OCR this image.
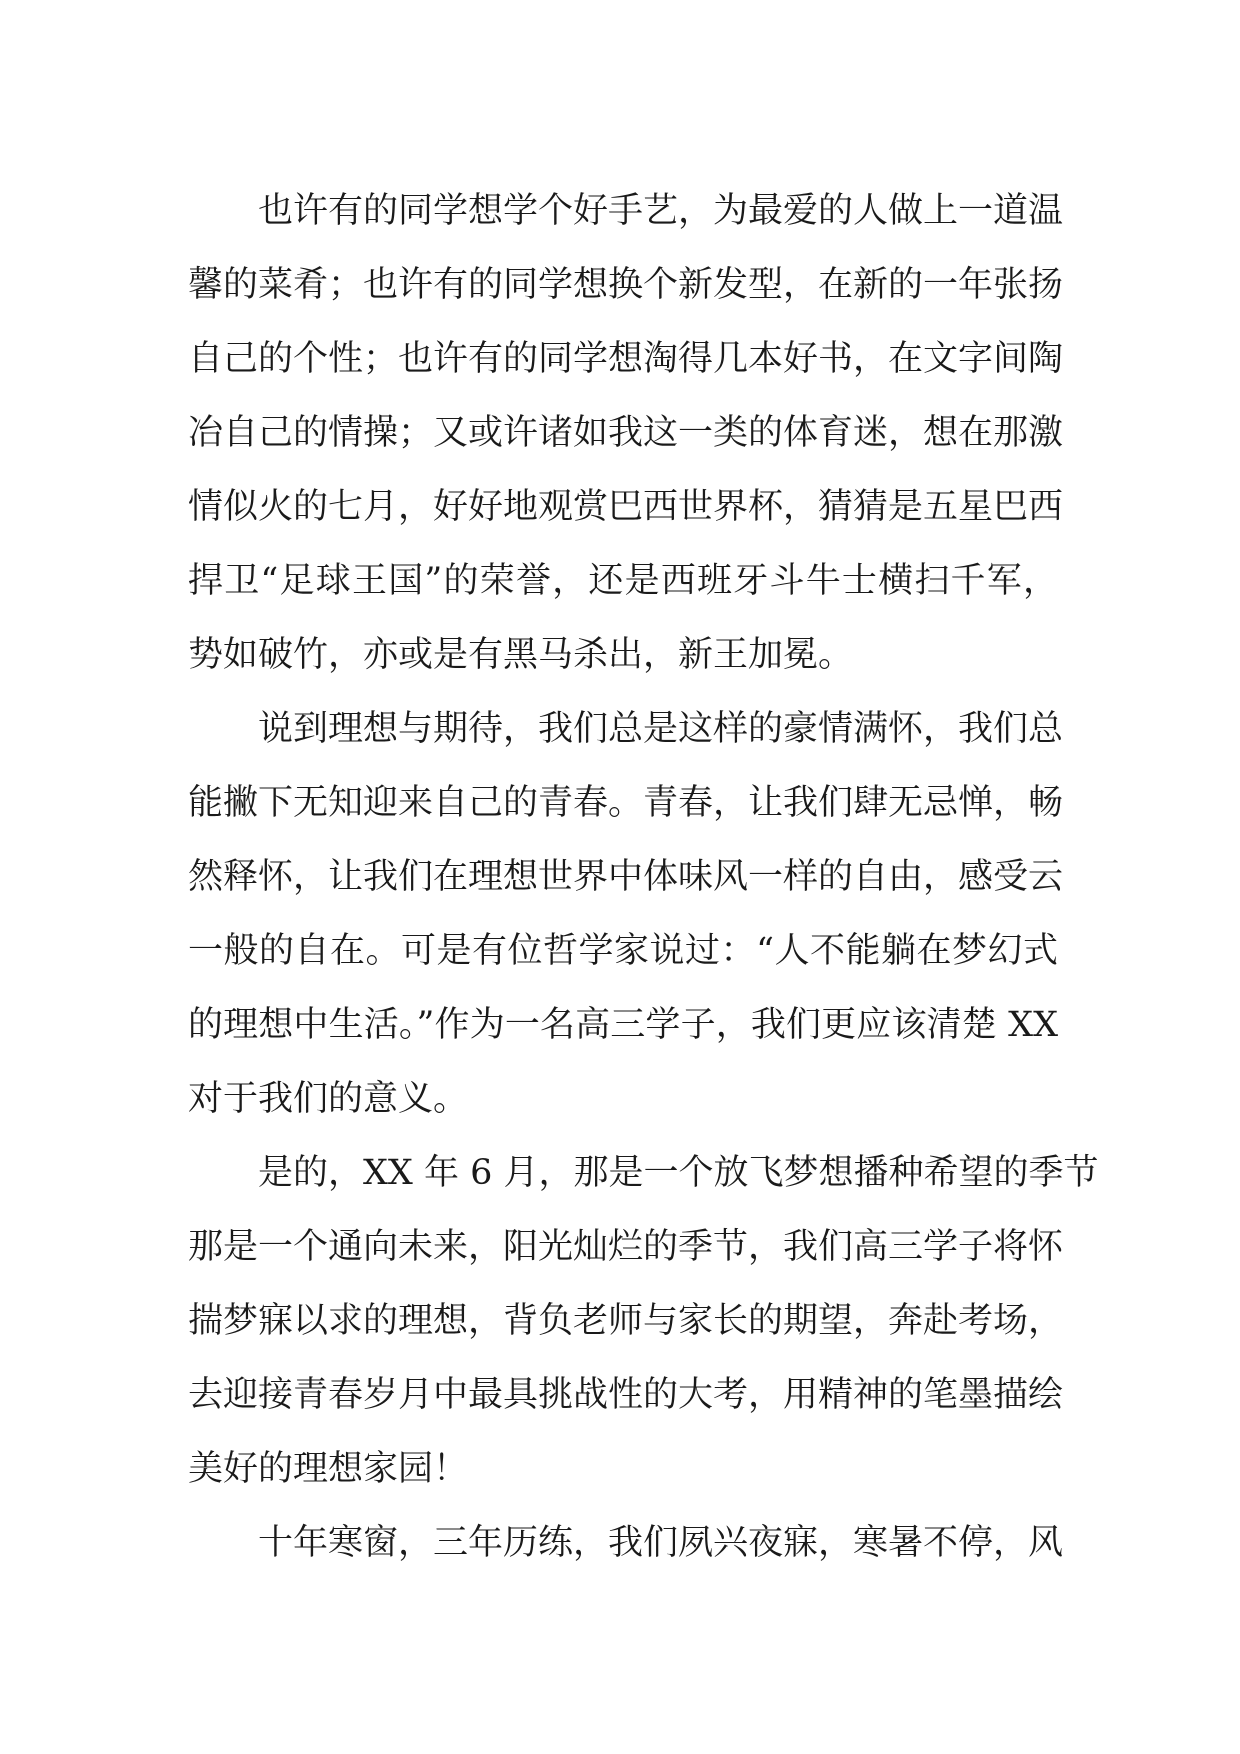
也许有的同学想学个好手艺，为最爱的人做上一道温
馨的菜肴；也许有的同学想换个新发型，在新的一年张扬
自己的个性；也许有的同学想淘得几本好书，在文字间陶
冶自己的情操；又或许诸如我这一类的体育迷，想在那激
情似火的七月，好好地观赏巴西世界杯，猜猜是五星巴西
捍卫“足球王国”的荣誉，还是西班牙斗牛士横扫千军，
势如破竹，亦或是有黑马杀出，新王加冕。
说到理想与期待，我们总是这样的豪情满怀，我们总
能撇下无知迎来自己的青春。青春，让我们肆无忌惮，畅
然释怀，让我们在理想世界中体味风一样的自由，感受云
一般的自在。可是有位哲学家说过：“人不能躺在梦幻式
的理想中生活。”作为一名高三学子，我们更应该清楚 XX
对于我们的意义。
是的，XX 年 6 月，那是一个放飞梦想播种希望的季节
那是一个通向未来，阳光灿烂的季节，我们高三学子将怀
揣梦寐以求的理想，背负老师与家长的期望，奔赴考场，
去迎接青春岁月中最具挑战性的大考，用精神的笔墨描绘
美好的理想家园！
十年寒窗，三年历练，我们夙兴夜寐，寒暑不停，风
